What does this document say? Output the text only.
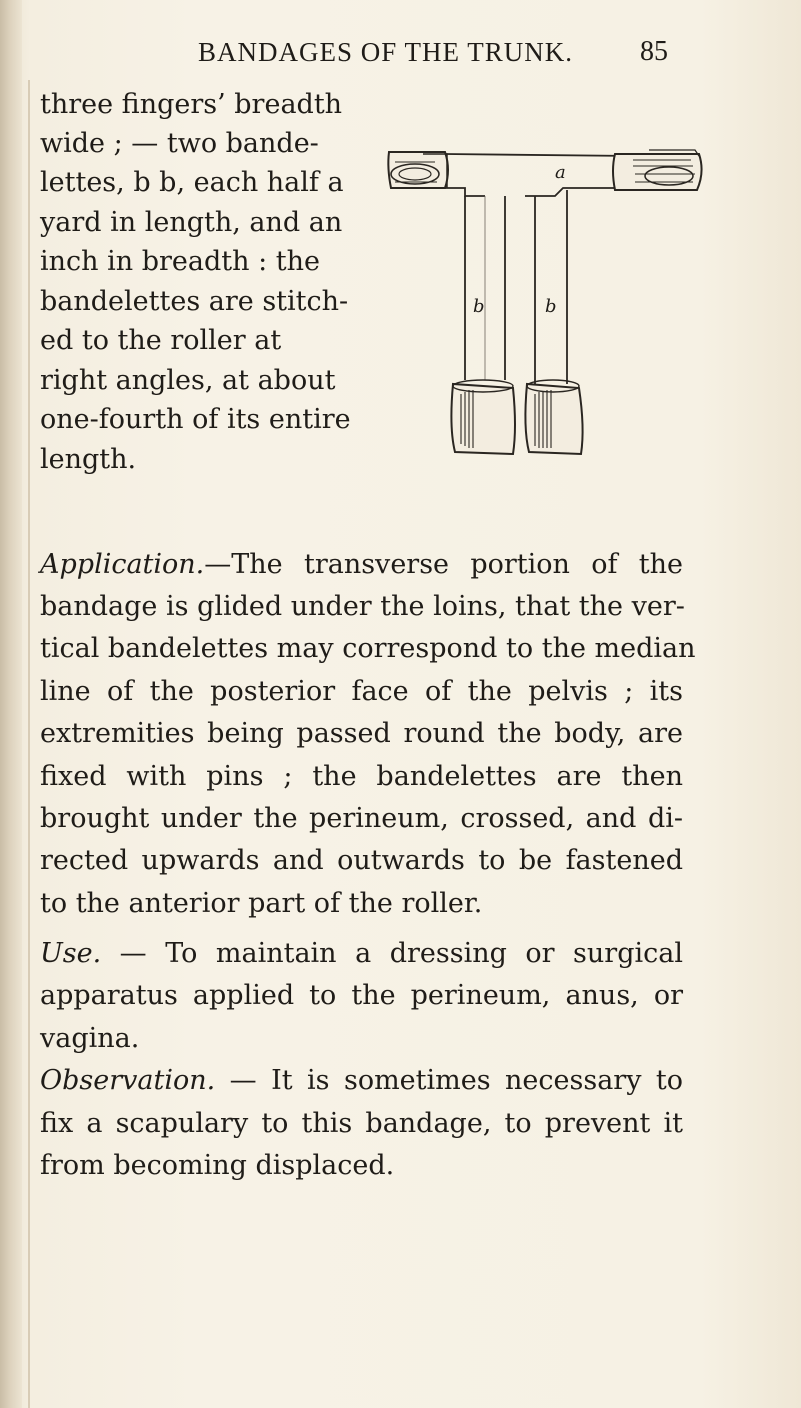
BANDAGES OF THE TRUNK. 85
three fingers’ breadth
wide ; — two bande-
lettes, b b, each half a
yard in length, and an
inch in breadth : the
bandelettes are stitch-
ed to the roller at
right angles, at about
one-fourth of its entire
length.
a
b	b
Application.—The transverse portion of the
bandage is glided under the loins, that the ver-
tical bandelettes may correspond to the median
line of the posterior face of the pelvis ; its
extremities being passed round the body, are
fixed with pins ; the bandelettes are then
brought under the perineum, crossed, and di-
rected upwards and outwards to be fastened
to the anterior part of the roller.
Use. — To maintain a dressing or surgical
apparatus applied to the perineum, anus, or
vagina.
Observation. — It is sometimes necessary to
fix a scapulary to this bandage, to prevent it
from becoming displaced.
